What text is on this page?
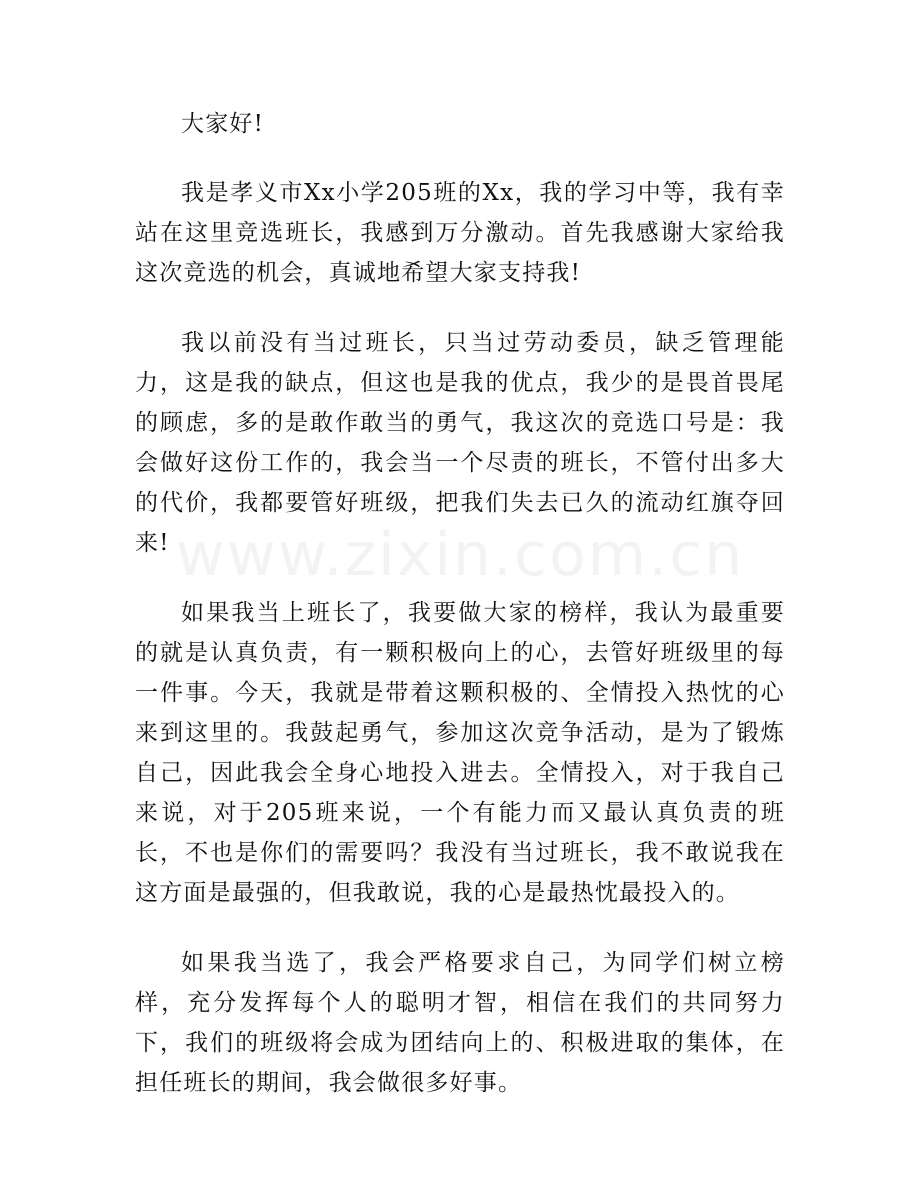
www.zixin.com.cn

大家好!

我是孝义市Xx小学205班的Xx，我的学习中等，我有幸站在这里竞选班长，我感到万分激动。首先我感谢大家给我这次竞选的机会，真诚地希望大家支持我!

我以前没有当过班长，只当过劳动委员，缺乏管理能力，这是我的缺点，但这也是我的优点，我少的是畏首畏尾的顾虑，多的是敢作敢当的勇气，我这次的竞选口号是：我会做好这份工作的，我会当一个尽责的班长，不管付出多大的代价，我都要管好班级，把我们失去已久的流动红旗夺回来!

如果我当上班长了，我要做大家的榜样，我认为最重要的就是认真负责，有一颗积极向上的心，去管好班级里的每一件事。今天，我就是带着这颗积极的、全情投入热忱的心来到这里的。我鼓起勇气，参加这次竞争活动，是为了锻炼自己，因此我会全身心地投入进去。全情投入，对于我自己来说，对于205班来说，一个有能力而又最认真负责的班长，不也是你们的需要吗？我没有当过班长，我不敢说我在这方面是最强的，但我敢说，我的心是最热忱最投入的。

如果我当选了，我会严格要求自己，为同学们树立榜样，充分发挥每个人的聪明才智，相信在我们的共同努力下，我们的班级将会成为团结向上的、积极进取的集体，在担任班长的期间，我会做很多好事。
